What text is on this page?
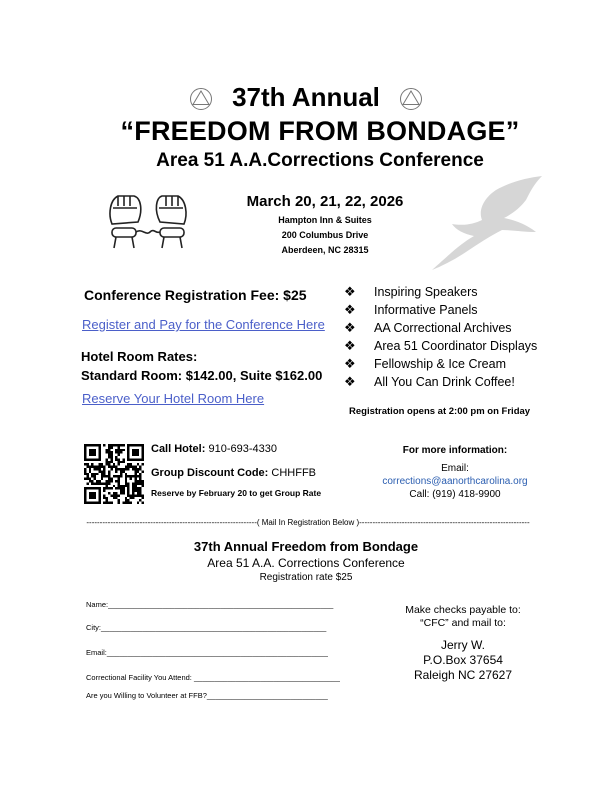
37th Annual
“FREEDOM FROM BONDAGE”
Area 51 A.A.Corrections Conference
March 20, 21, 22, 2026
Hampton Inn & Suites
200 Columbus Drive
Aberdeen, NC 28315
Conference Registration Fee: $25
Register and Pay for the Conference Here
Hotel Room Rates:
Standard Room: $142.00, Suite $162.00
Reserve Your Hotel Room Here
❖	Inspiring Speakers
❖	Informative Panels
❖	AA Correctional Archives
❖	Area 51 Coordinator Displays
❖	Fellowship & Ice Cream
❖	All You Can Drink Coffee!
Registration opens at 2:00 pm on Friday
Call Hotel: 910-693-4330
Group Discount Code: CHHFFB
Reserve by February 20 to get Group Rate
For more information:
Email:
corrections@aanorthcarolina.org
Call: (919) 418-9900
----------------------------------------------------------------( Mail In Registration Below )----------------------------------------------------------------
37th Annual Freedom from Bondage
Area 51 A.A. Corrections Conference
Registration rate $25
Name:______________________________________________________
City:______________________________________________________
Email:_____________________________________________________
Correctional Facility You Attend: ___________________________________
Are you Willing to Volunteer at FFB?_____________________________
Make checks payable to:
“CFC” and mail to:
Jerry W.
P.O.Box 37654
Raleigh NC 27627
